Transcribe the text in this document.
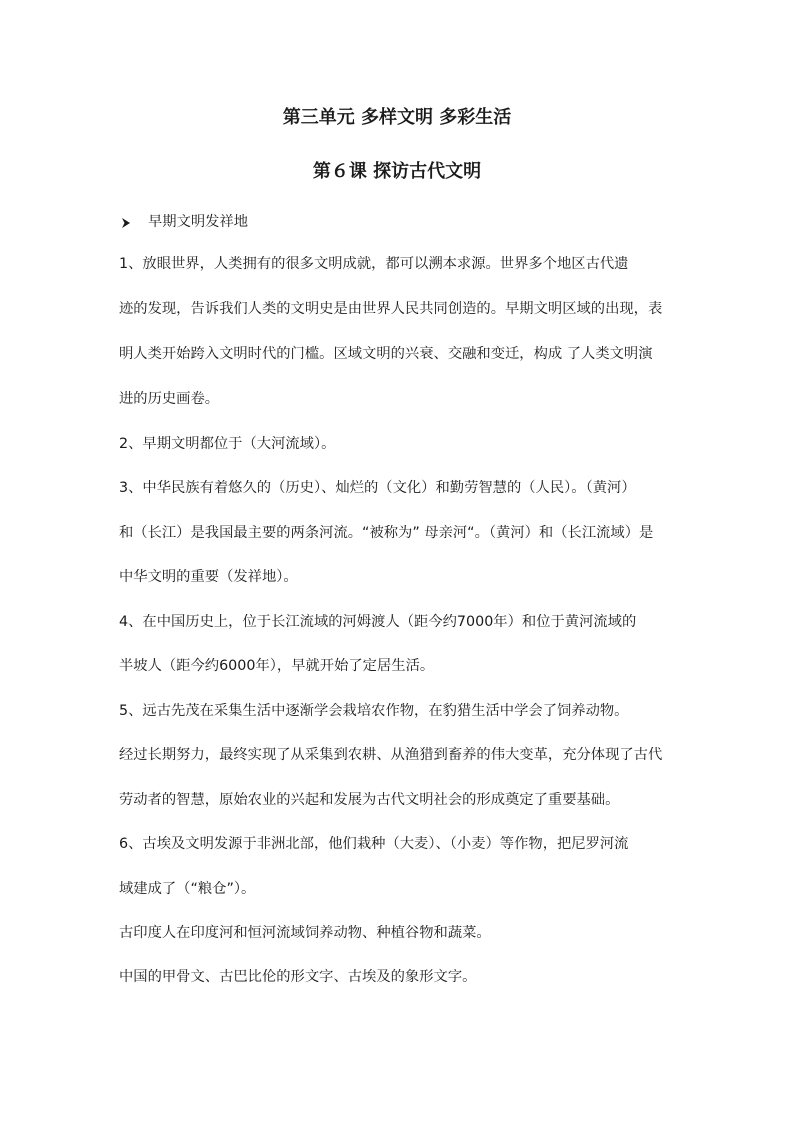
第三单元 多样文明 多彩生活
第６课 探访古代文明
早期文明发祥地
1、放眼世界，人类拥有的很多文明成就，都可以溯本求源。世界多个地区古代遗
迹的发现，告诉我们人类的文明史是由世界人民共同创造的。早期文明区域的出现，表
明人类开始跨入文明时代的门槛。区域文明的兴衰、交融和变迁，构成 了人类文明演
进的历史画卷。
2、早期文明都位于（大河流域）。
3、中华民族有着悠久的（历史）、灿烂的（文化）和勤劳智慧的（人民）。（黄河）
和（长江）是我国最主要的两条河流。“被称为” 母亲河“。（黄河）和（长江流域）是
中华文明的重要（发祥地）。
4、在中国历史上，位于长江流域的河姆渡人（距今约7000年）和位于黄河流域的
半坡人（距今约6000年），早就开始了定居生活。
5、远古先茂在采集生活中逐渐学会栽培农作物，在豹猎生活中学会了饲养动物。
经过长期努力，最终实现了从采集到农耕、从渔猎到畜养的伟大变革，充分体现了古代
劳动者的智慧，原始农业的兴起和发展为古代文明社会的形成奠定了重要基础。
6、古埃及文明发源于非洲北部，他们栽种（大麦）、（小麦）等作物，把尼罗河流
域建成了（“粮仓”）。
古印度人在印度河和恒河流域饲养动物、种植谷物和蔬菜。
中国的甲骨文、古巴比伦的形文字、古埃及的象形文字。
